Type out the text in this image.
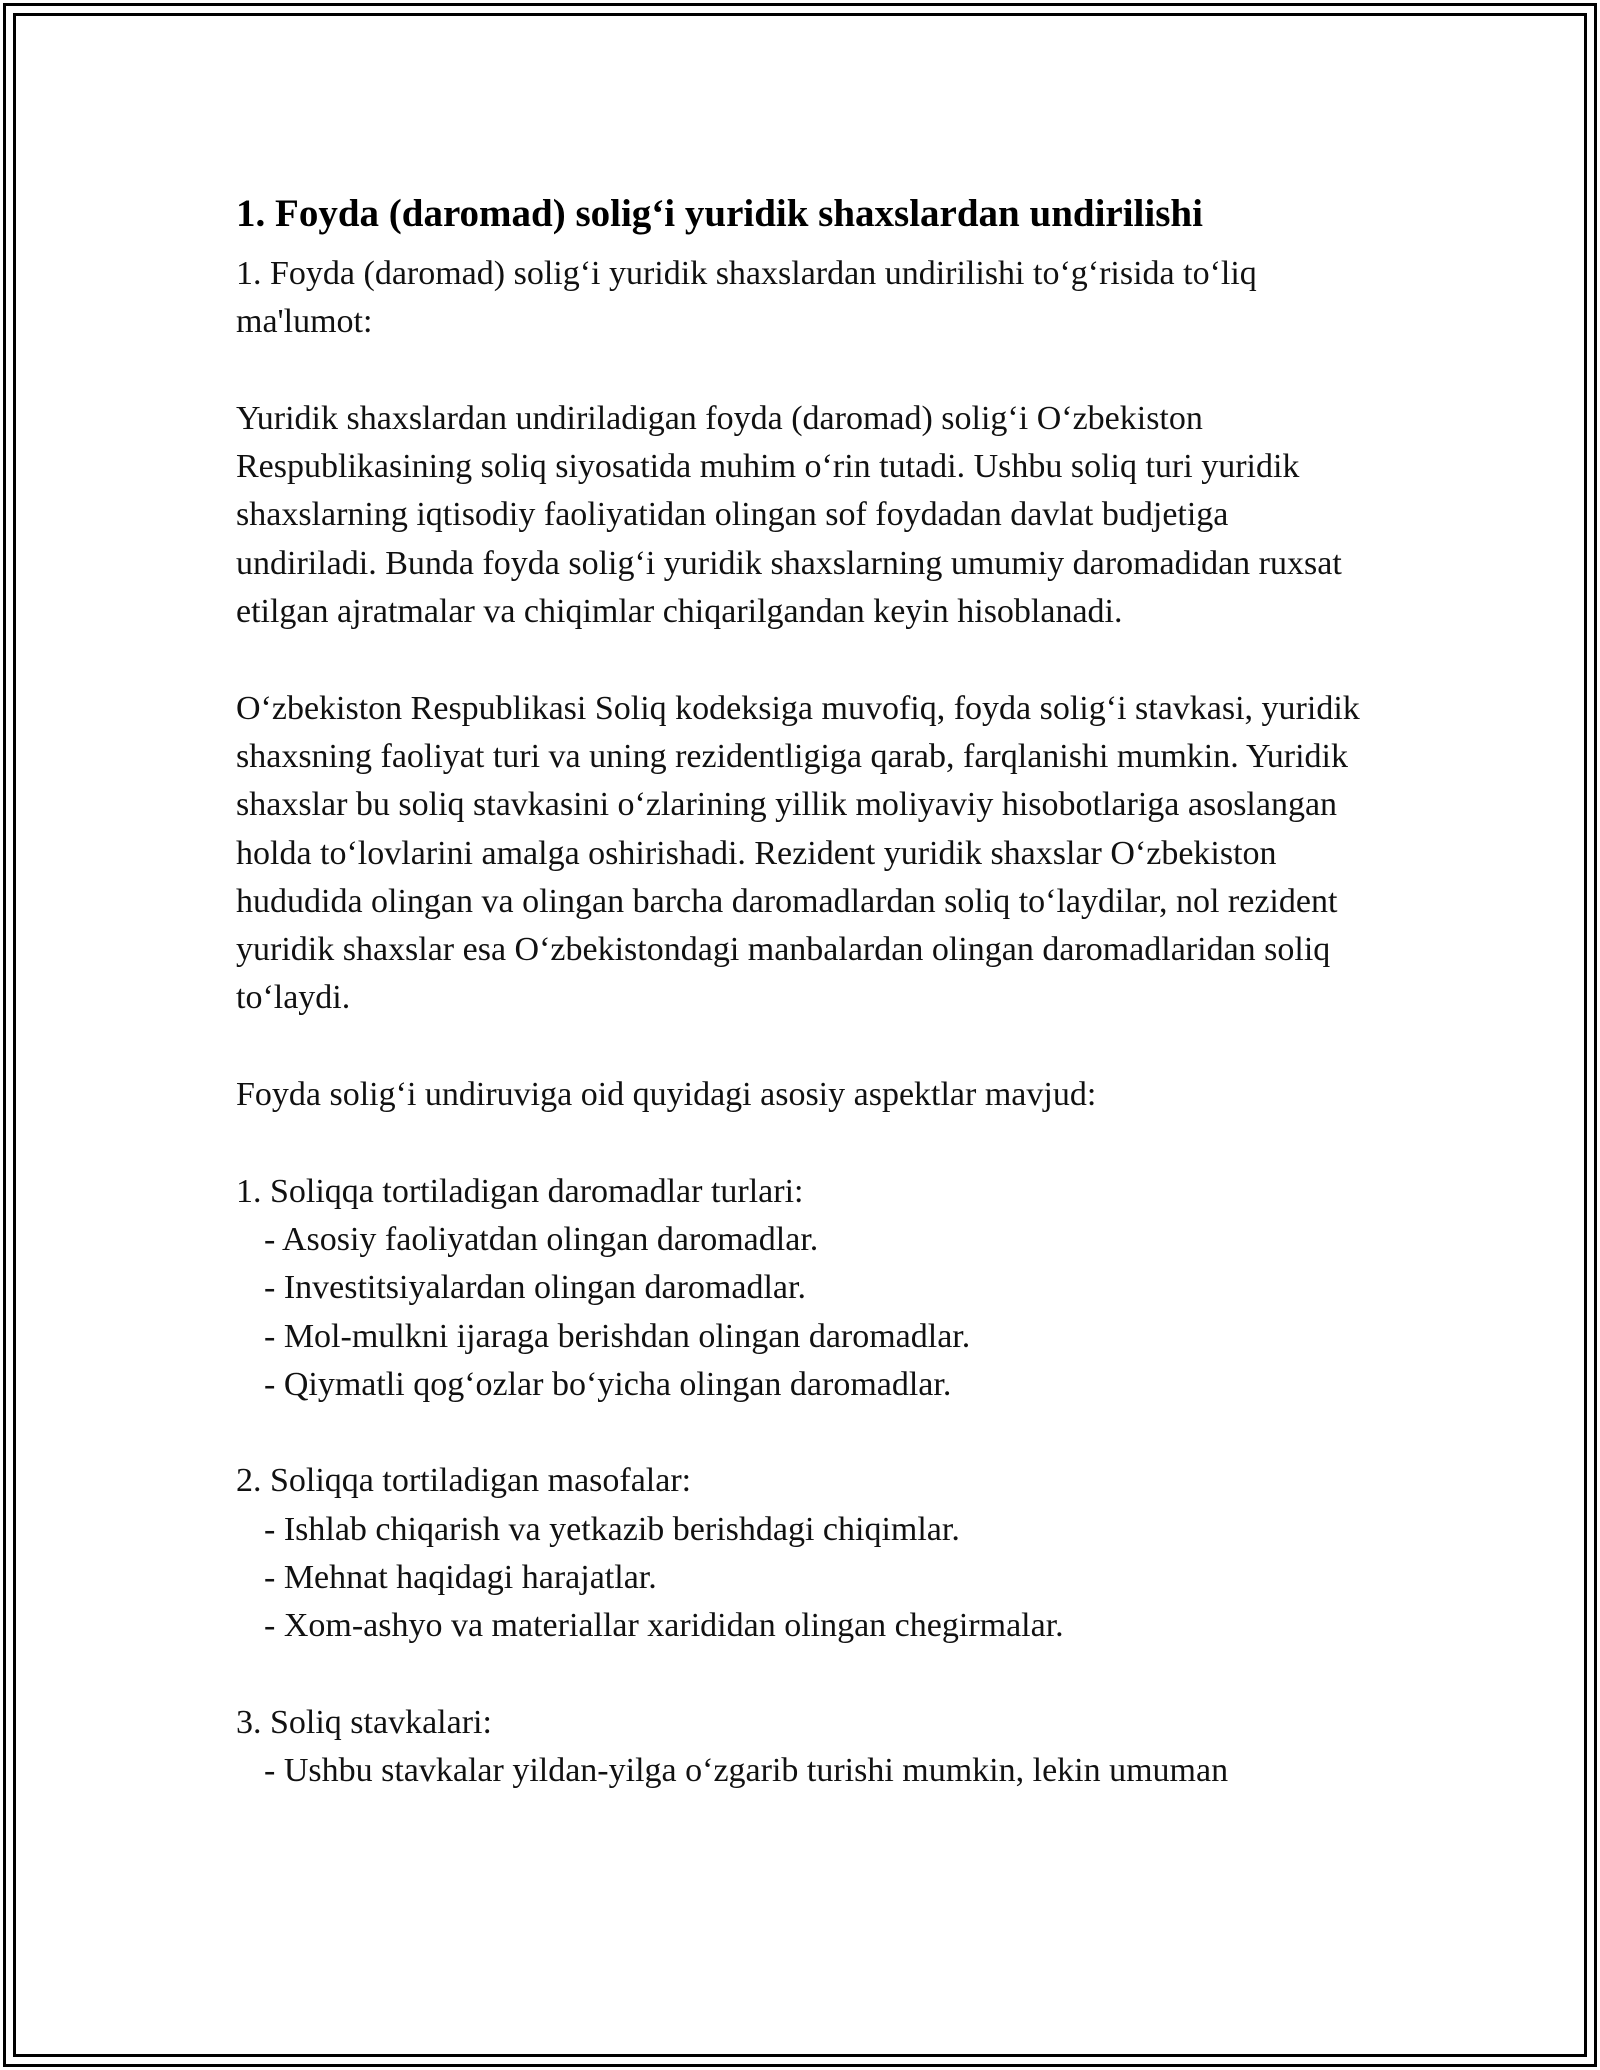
1. Foyda (daromad) solig‘i yuridik shaxslardan undirilishi

1. Foyda (daromad) solig‘i yuridik shaxslardan undirilishi to‘g‘risida to‘liq ma'lumot:

Yuridik shaxslardan undiriladigan foyda (daromad) solig‘i O‘zbekiston Respublikasining soliq siyosatida muhim o‘rin tutadi. Ushbu soliq turi yuridik shaxslarning iqtisodiy faoliyatidan olingan sof foydadan davlat budjetiga undiriladi. Bunda foyda solig‘i yuridik shaxslarning umumiy daromadidan ruxsat etilgan ajratmalar va chiqimlar chiqarilgandan keyin hisoblanadi.

O‘zbekiston Respublikasi Soliq kodeksiga muvofiq, foyda solig‘i stavkasi, yuridik shaxsning faoliyat turi va uning rezidentligiga qarab, farqlanishi mumkin. Yuridik shaxslar bu soliq stavkasini o‘zlarining yillik moliyaviy hisobotlariga asoslangan holda to‘lovlarini amalga oshirishadi. Rezident yuridik shaxslar O‘zbekiston hududida olingan va olingan barcha daromadlardan soliq to‘laydilar, nol rezident yuridik shaxslar esa O‘zbekistondagi manbalardan olingan daromadlaridan soliq to‘laydi.

Foyda solig‘i undiruviga oid quyidagi asosiy aspektlar mavjud:

1. Soliqqa tortiladigan daromadlar turlari:

- Asosiy faoliyatdan olingan daromadlar.

- Investitsiyalardan olingan daromadlar.

- Mol-mulkni ijaraga berishdan olingan daromadlar.

- Qiymatli qog‘ozlar bo‘yicha olingan daromadlar.

2. Soliqqa tortiladigan masofalar:

- Ishlab chiqarish va yetkazib berishdagi chiqimlar.

- Mehnat haqidagi harajatlar.

- Xom-ashyo va materiallar xarididan olingan chegirmalar.

3. Soliq stavkalari:

- Ushbu stavkalar yildan-yilga o‘zgarib turishi mumkin, lekin umuman
